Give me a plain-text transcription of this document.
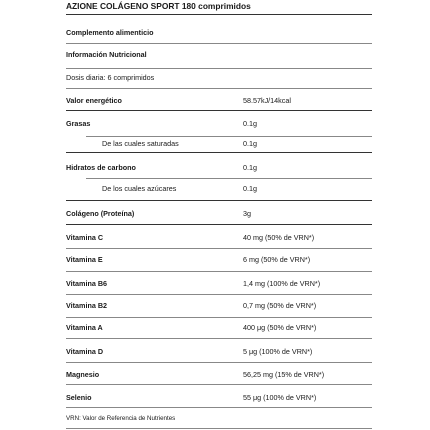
AZIONE COLÁGENO SPORT 180 comprimidos
Complemento alimenticio
Información Nutricional
Dosis diaria: 6 comprimidos
Valor energético	58.57kJ/14kcal
Grasas	0.1g
De las cuales saturadas	0.1g
Hidratos de carbono	0.1g
De los cuales azúcares	0.1g
Colágeno (Proteína)	3g
Vitamina C	40 mg (50% de VRN*)
Vitamina E	6 mg (50% de VRN*)
Vitamina B6	1,4 mg (100% de VRN*)
Vitamina B2	0,7 mg (50% de VRN*)
Vitamina A	400 μg (50% de VRN*)
Vitamina D	5 μg (100% de VRN*)
Magnesio	56,25 mg (15% de VRN*)
Selenio	55 μg (100% de VRN*)
VRN: Valor de Referencia de Nutrientes
